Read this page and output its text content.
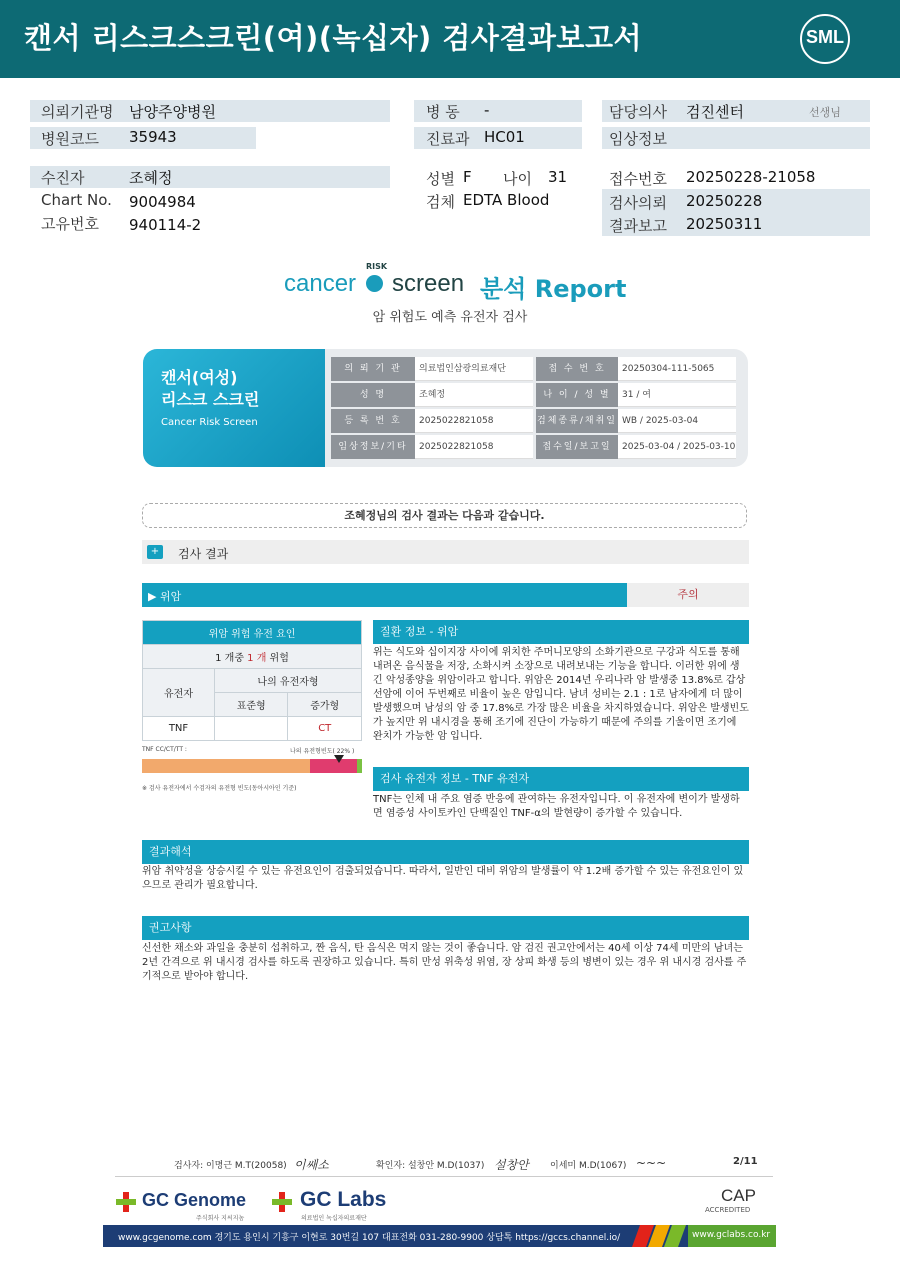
캔서 리스크스크린(여)(녹십자) 검사결과보고서	SML
의뢰기관명 남양주양병원
병원코드 35943
병 동 -
진료과 HC01
담당의사 검진센터	선생님
임상정보
수진자	조혜정
Chart No. 9004984
고유번호 940114-2
성별 F 나이 31
검체 EDTA Blood
접수번호 20250228-21058
검사의뢰 20250228
결과보고 20250311
cancer
RISK
screen 분석 Report
암 위험도 예측 유전자 검사
캔서(여성)
리스크 스크린
Cancer Risk Screen
의 뢰 기 관	의료법인삼광의료재단	접 수 번 호	20250304-111-5065
성 명	조혜정	나 이 / 성 별	31 / 여
등 록 번 호	2025022821058	검체종류/채취일 WB / 2025-03-04
임상정보/기타	2025022821058	접수일/보고일	2025-03-04 / 2025-03-10
조혜정님의 검사 결과는 다음과 같습니다.
+	검사 결과
▶ 위암	주의
위암 위험 유전 요인		
1 개중 1 개 위험		
유전자	나의 유전자형	
	표준형	증가형
TNF		CT
TNF CC/CT/TT :	나의 유전형빈도( 22% )
※ 검사 유전자에서 수검자의 유전형 빈도(동아시아인 기준)
질환 정보 - 위암
위는 식도와 십이지장 사이에 위치한 주머니모양의 소화기관으로 구강과 식도를 통해 내려온 음식물을 저장, 소화시켜 소장으로 내려보내는 기능을 합니다. 이러한 위에 생긴 악성종양을 위암이라고 합니다. 위암은 2014년 우리나라 암 발생중 13.8%로 갑상선암에 이어 두번째로 비율이 높은 암입니다. 남녀 성비는 2.1 : 1로 남자에게 더 많이 발생했으며 남성의 암 중 17.8%로 가장 많은 비율을 차지하였습니다. 위암은 발생빈도가 높지만 위 내시경을 통해 조기에 진단이 가능하기 때문에 주의를 기울이면 조기에 완치가 가능한 암 입니다.
검사 유전자 정보 - TNF 유전자
TNF는 인체 내 주요 염증 반응에 관여하는 유전자입니다. 이 유전자에 변이가 발생하면 염증성 사이토카인 단백질인 TNF-α의 발현량이 증가할 수 있습니다.
결과해석
위암 취약성을 상승시킬 수 있는 유전요인이 검출되었습니다. 따라서, 일반인 대비 위암의 발생률이 약 1.2배 증가할 수 있는 유전요인이 있으므로 관리가 필요합니다.
권고사항
신선한 채소와 과일을 충분히 섭취하고, 짠 음식, 탄 음식은 먹지 않는 것이 좋습니다. 암 검진 권고안에서는 40세 이상 74세 미만의 남녀는 2년 간격으로 위 내시경 검사를 하도록 권장하고 있습니다. 특히 만성 위축성 위염, 장 상피 화생 등의 병변이 있는 경우 위 내시경 검사를 주기적으로 받아야 합니다.
검사자: 이명근 M.T(20058) 이쌔소	확인자: 설창안 M.D(1037) 설창안 이세미 M.D(1067) ~~~	2/11
GC Genome
주식회사 지씨지놈
GC Labs
의료법인 녹십자의료재단
CAP
ACCREDITED
www.gcgenome.com 경기도 용인시 기흥구 이현로 30번길 107 대표전화 031-280-9900 상담톡 https://gccs.channel.io/	www.gclabs.co.kr
